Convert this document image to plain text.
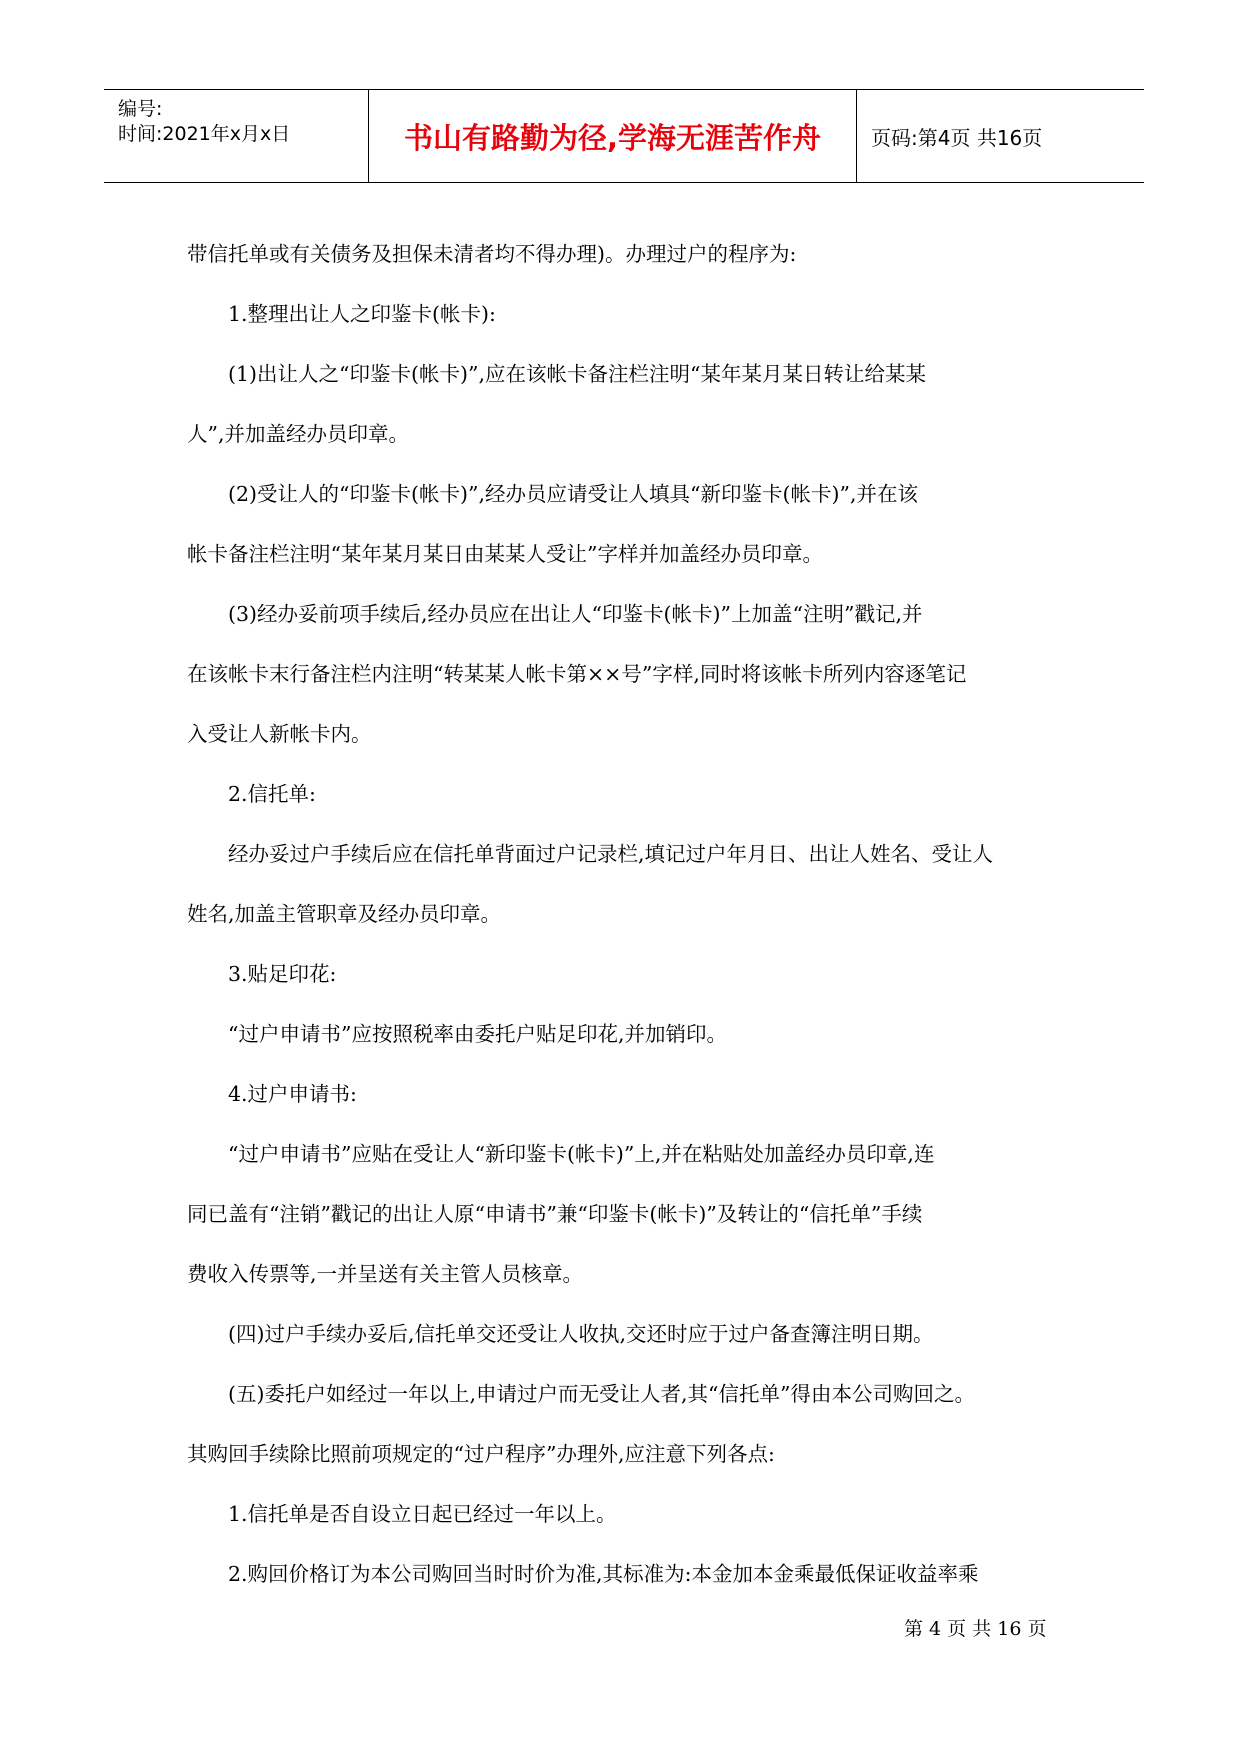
编号:
时间:2021年x月x日	书山有路勤为径,学海无涯苦作舟	页码:第4页 共16页
带信托单或有关债务及担保未清者均不得办理)。办理过户的程序为:
1.整理出让人之印鉴卡(帐卡):
(1)出让人之“印鉴卡(帐卡)”,应在该帐卡备注栏注明“某年某月某日转让给某某
人”,并加盖经办员印章。
(2)受让人的“印鉴卡(帐卡)”,经办员应请受让人填具“新印鉴卡(帐卡)”,并在该
帐卡备注栏注明“某年某月某日由某某人受让”字样并加盖经办员印章。
(3)经办妥前项手续后,经办员应在出让人“印鉴卡(帐卡)”上加盖“注明”戳记,并
在该帐卡末行备注栏内注明“转某某人帐卡第××号”字样,同时将该帐卡所列内容逐笔记
入受让人新帐卡内。
2.信托单:
经办妥过户手续后应在信托单背面过户记录栏,填记过户年月日、出让人姓名、受让人
姓名,加盖主管职章及经办员印章。
3.贴足印花:
“过户申请书”应按照税率由委托户贴足印花,并加销印。
4.过户申请书:
“过户申请书”应贴在受让人“新印鉴卡(帐卡)”上,并在粘贴处加盖经办员印章,连
同已盖有“注销”戳记的出让人原“申请书”兼“印鉴卡(帐卡)”及转让的“信托单”手续
费收入传票等,一并呈送有关主管人员核章。
(四)过户手续办妥后,信托单交还受让人收执,交还时应于过户备查簿注明日期。
(五)委托户如经过一年以上,申请过户而无受让人者,其“信托单”得由本公司购回之。
其购回手续除比照前项规定的“过户程序”办理外,应注意下列各点:
1.信托单是否自设立日起已经过一年以上。
2.购回价格订为本公司购回当时时价为准,其标准为:本金加本金乘最低保证收益率乘
第 4 页 共 16 页
